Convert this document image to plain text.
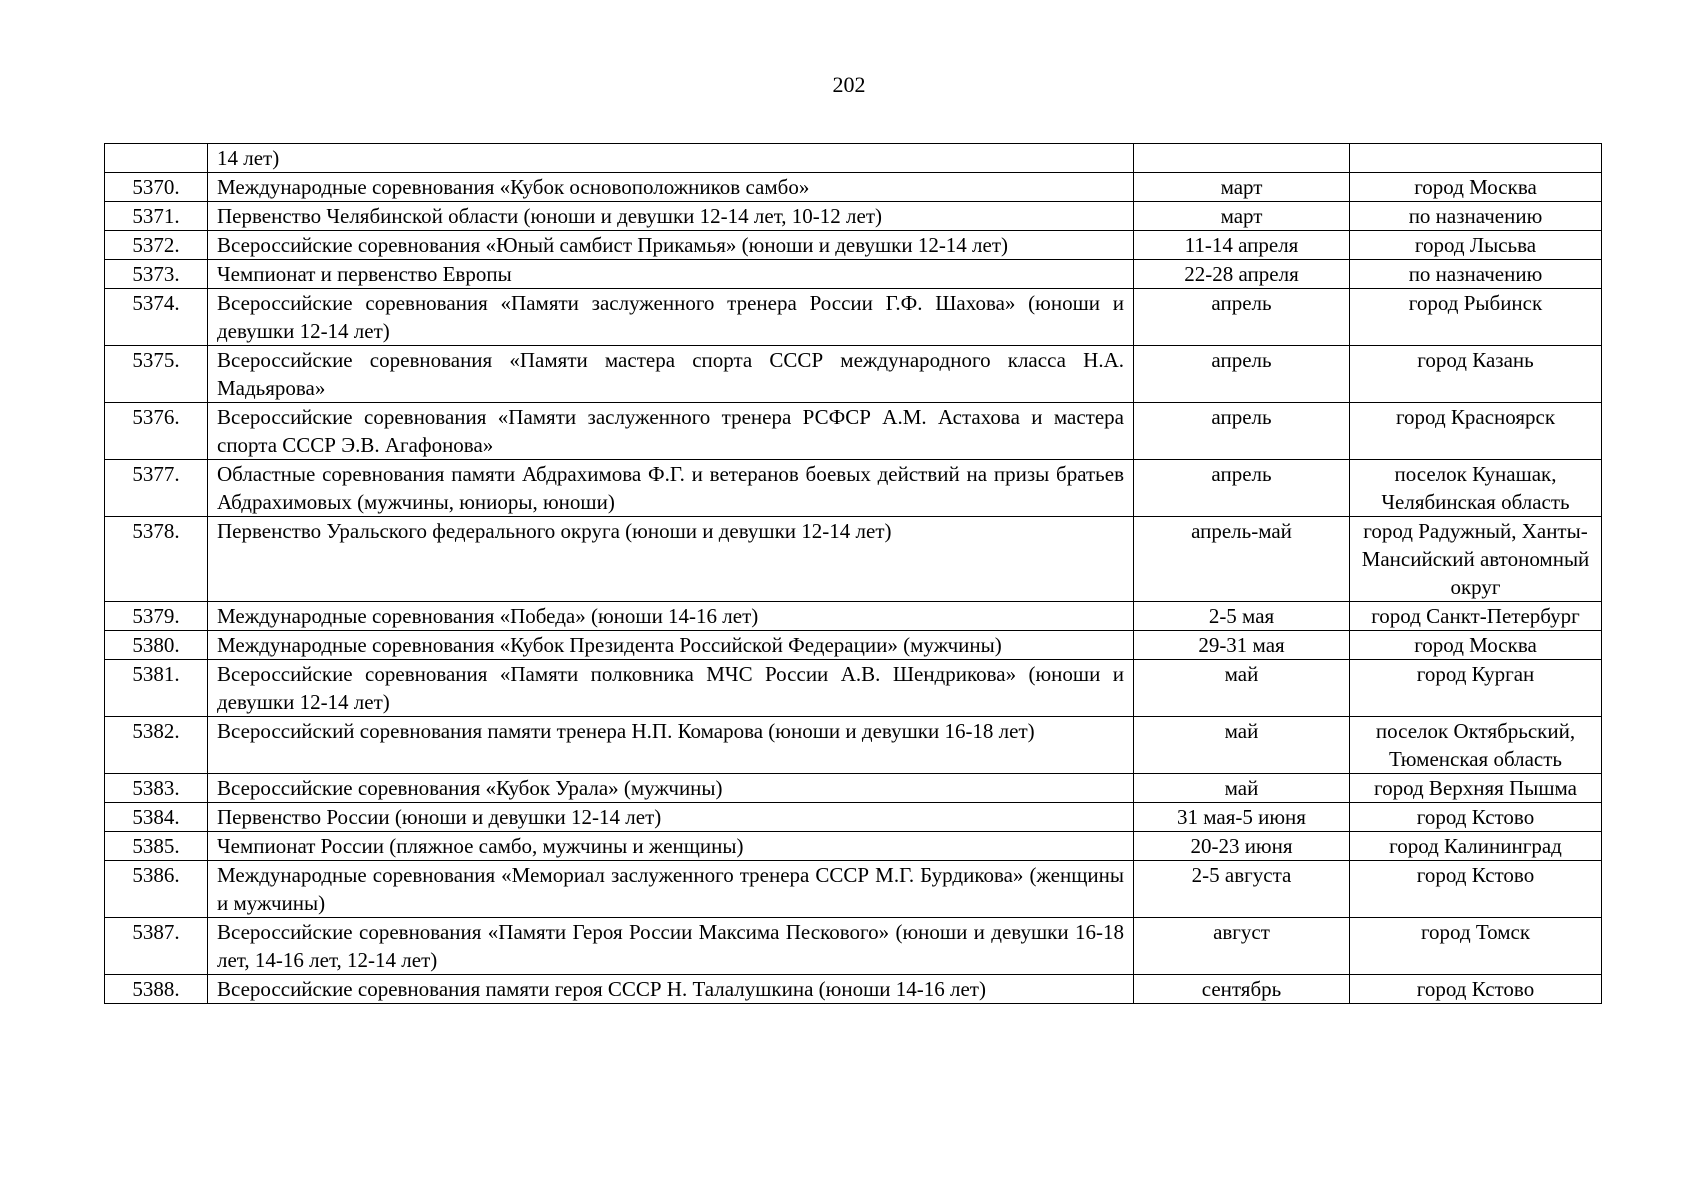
202
	14 лет)		
5370.	Международные соревнования «Кубок основоположников самбо»	март	город Москва
5371.	Первенство Челябинской области (юноши и девушки 12-14 лет, 10-12 лет)	март	по назначению
5372.	Всероссийские соревнования «Юный самбист Прикамья» (юноши и девушки 12-14 лет)	11-14 апреля	город Лысьва
5373.	Чемпионат и первенство Европы	22-28 апреля	по назначению
5374.	Всероссийские соревнования «Памяти заслуженного тренера России Г.Ф. Шахова» (юноши и девушки 12-14 лет)	апрель	город Рыбинск
5375.	Всероссийские соревнования «Памяти мастера спорта СССР международного класса Н.А. Мадьярова»	апрель	город Казань
5376.	Всероссийские соревнования «Памяти заслуженного тренера РСФСР А.М. Астахова и мастера спорта СССР Э.В. Агафонова»	апрель	город Красноярск
5377.	Областные соревнования памяти Абдрахимова Ф.Г. и ветеранов боевых действий на призы братьев Абдрахимовых (мужчины, юниоры, юноши)	апрель	поселок Кунашак, Челябинская область
5378.	Первенство Уральского федерального округа (юноши и девушки 12-14 лет)	апрель-май	город Радужный, Ханты-Мансийский автономный округ
5379.	Международные соревнования «Победа» (юноши 14-16 лет)	2-5 мая	город Санкт-Петербург
5380.	Международные соревнования «Кубок Президента Российской Федерации» (мужчины)	29-31 мая	город Москва
5381.	Всероссийские соревнования «Памяти полковника МЧС России А.В. Шендрикова» (юноши и девушки 12-14 лет)	май	город Курган
5382.	Всероссийский соревнования памяти тренера Н.П. Комарова (юноши и девушки 16-18 лет)	май	поселок Октябрьский, Тюменская область
5383.	Всероссийские соревнования «Кубок Урала» (мужчины)	май	город Верхняя Пышма
5384.	Первенство России (юноши и девушки 12-14 лет)	31 мая-5 июня	город Кстово
5385.	Чемпионат России (пляжное самбо, мужчины и женщины)	20-23 июня	город Калининград
5386.	Международные соревнования «Мемориал заслуженного тренера СССР М.Г. Бурдикова» (женщины и мужчины)	2-5 августа	город Кстово
5387.	Всероссийские соревнования «Памяти Героя России Максима Пескового» (юноши и девушки 16-18 лет, 14-16 лет, 12-14 лет)	август	город Томск
5388.	Всероссийские соревнования памяти героя СССР Н. Талалушкина (юноши 14-16 лет)	сентябрь	город Кстово
